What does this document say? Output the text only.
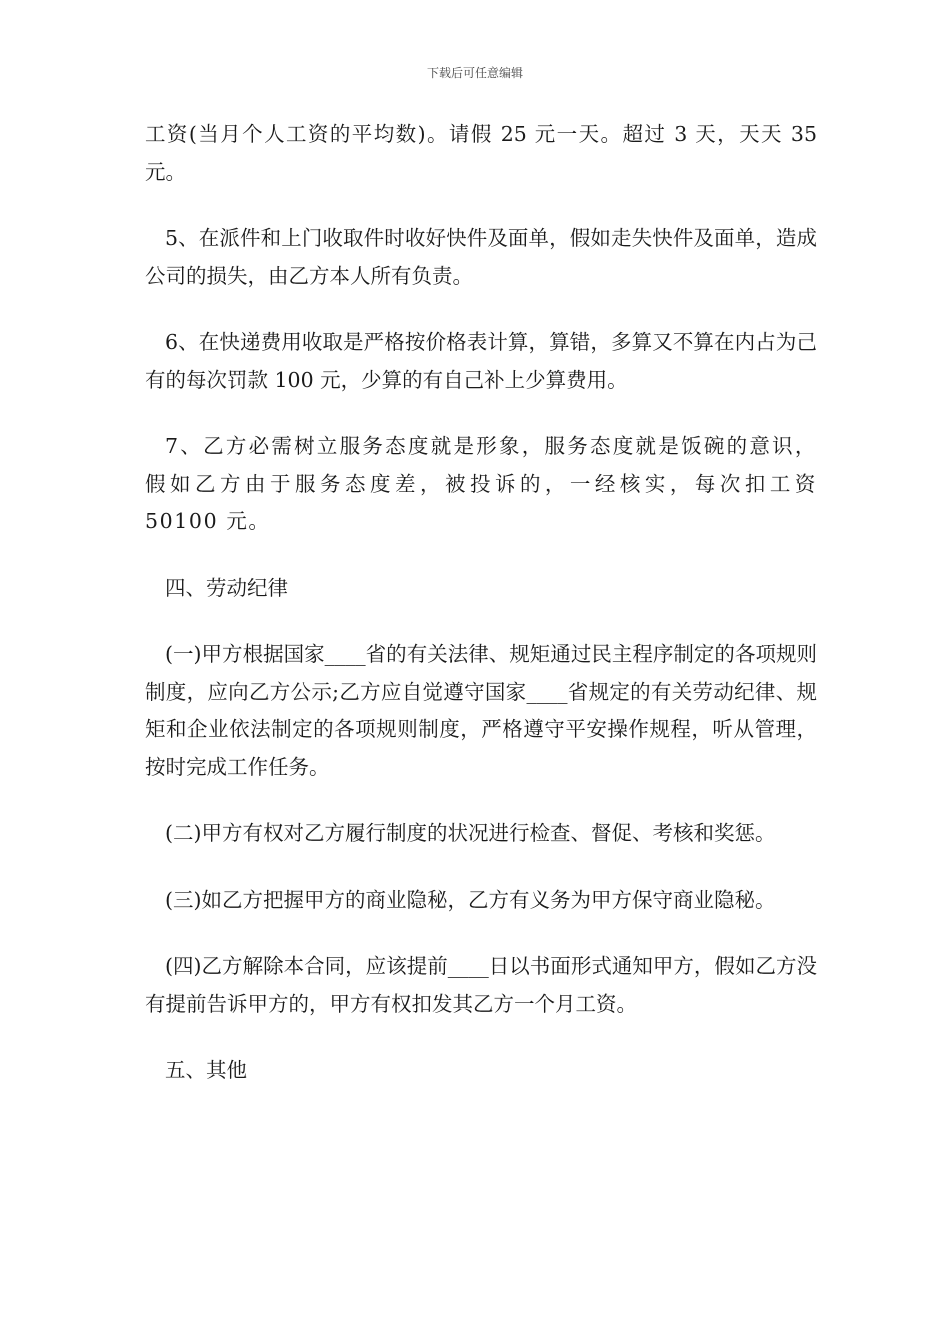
下载后可任意编辑

工资(当月个人工资的平均数)。请假 25 元一天。超过 3 天，天天 35 元。

5、在派件和上门收取件时收好快件及面单，假如走失快件及面单，造成公司的损失，由乙方本人所有负责。

6、在快递费用收取是严格按价格表计算，算错，多算又不算在内占为己有的每次罚款 100 元，少算的有自己补上少算费用。

7、乙方必需树立服务态度就是形象，服务态度就是饭碗的意识，假如乙方由于服务态度差，被投诉的，一经核实，每次扣工资 50100 元。

四、劳动纪律

(一)甲方根据国家____省的有关法律、规矩通过民主程序制定的各项规则制度，应向乙方公示;乙方应自觉遵守国家____省规定的有关劳动纪律、规矩和企业依法制定的各项规则制度，严格遵守平安操作规程，听从管理，按时完成工作任务。

(二)甲方有权对乙方履行制度的状况进行检查、督促、考核和奖惩。

(三)如乙方把握甲方的商业隐秘，乙方有义务为甲方保守商业隐秘。

(四)乙方解除本合同，应该提前____日以书面形式通知甲方，假如乙方没有提前告诉甲方的，甲方有权扣发其乙方一个月工资。

五、其他
